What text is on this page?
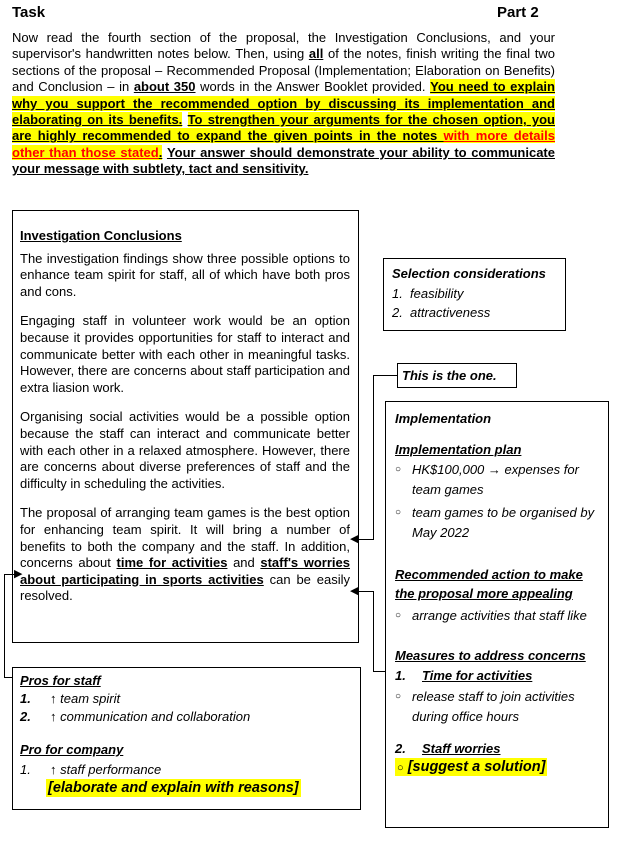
Task	Part 2
Now read the fourth section of the proposal, the Investigation Conclusions, and your supervisor's handwritten notes below. Then, using all of the notes, finish writing the final two sections of the proposal – Recommended Proposal (Implementation; Elaboration on Benefits) and Conclusion – in about 350 words in the Answer Booklet provided. You need to explain why you support the recommended option by discussing its implementation and elaborating on its benefits. To strengthen your arguments for the chosen option, you are highly recommended to expand the given points in the notes with more details other than those stated. Your answer should demonstrate your ability to communicate your message with subtlety, tact and sensitivity.

Investigation Conclusions

The investigation findings show three possible options to enhance team spirit for staff, all of which have both pros and cons.

Engaging staff in volunteer work would be an option because it provides opportunities for staff to interact and communicate better with each other in meaningful tasks. However, there are concerns about staff participation and extra liasion work.

Organising social activities would be a possible option because the staff can interact and communicate better with each other in a relaxed atmosphere. However, there are concerns about diverse preferences of staff and the difficulty in scheduling the activities.

The proposal of arranging team games is the best option for enhancing team spirit. It will bring a number of benefits to both the company and the staff. In addition, concerns about time for activities and staff's worries about participating in sports activities can be easily resolved.

Selection considerations
1. feasibility
2. attractiveness
This is the one.
Implementation
Implementation plan
○ HK$100,000 → expenses for team games
○ team games to be organised by May 2022
Recommended action to make the proposal more appealing
○ arrange activities that staff like
Measures to address concerns
1. Time for activities
○ release staff to join activities during office hours
2. Staff worries
○ [suggest a solution]
Pros for staff
1. ↑ team spirit
2. ↑ communication and collaboration
Pro for company
1. ↑ staff performance
[elaborate and explain with reasons]
◀
◀
▶
